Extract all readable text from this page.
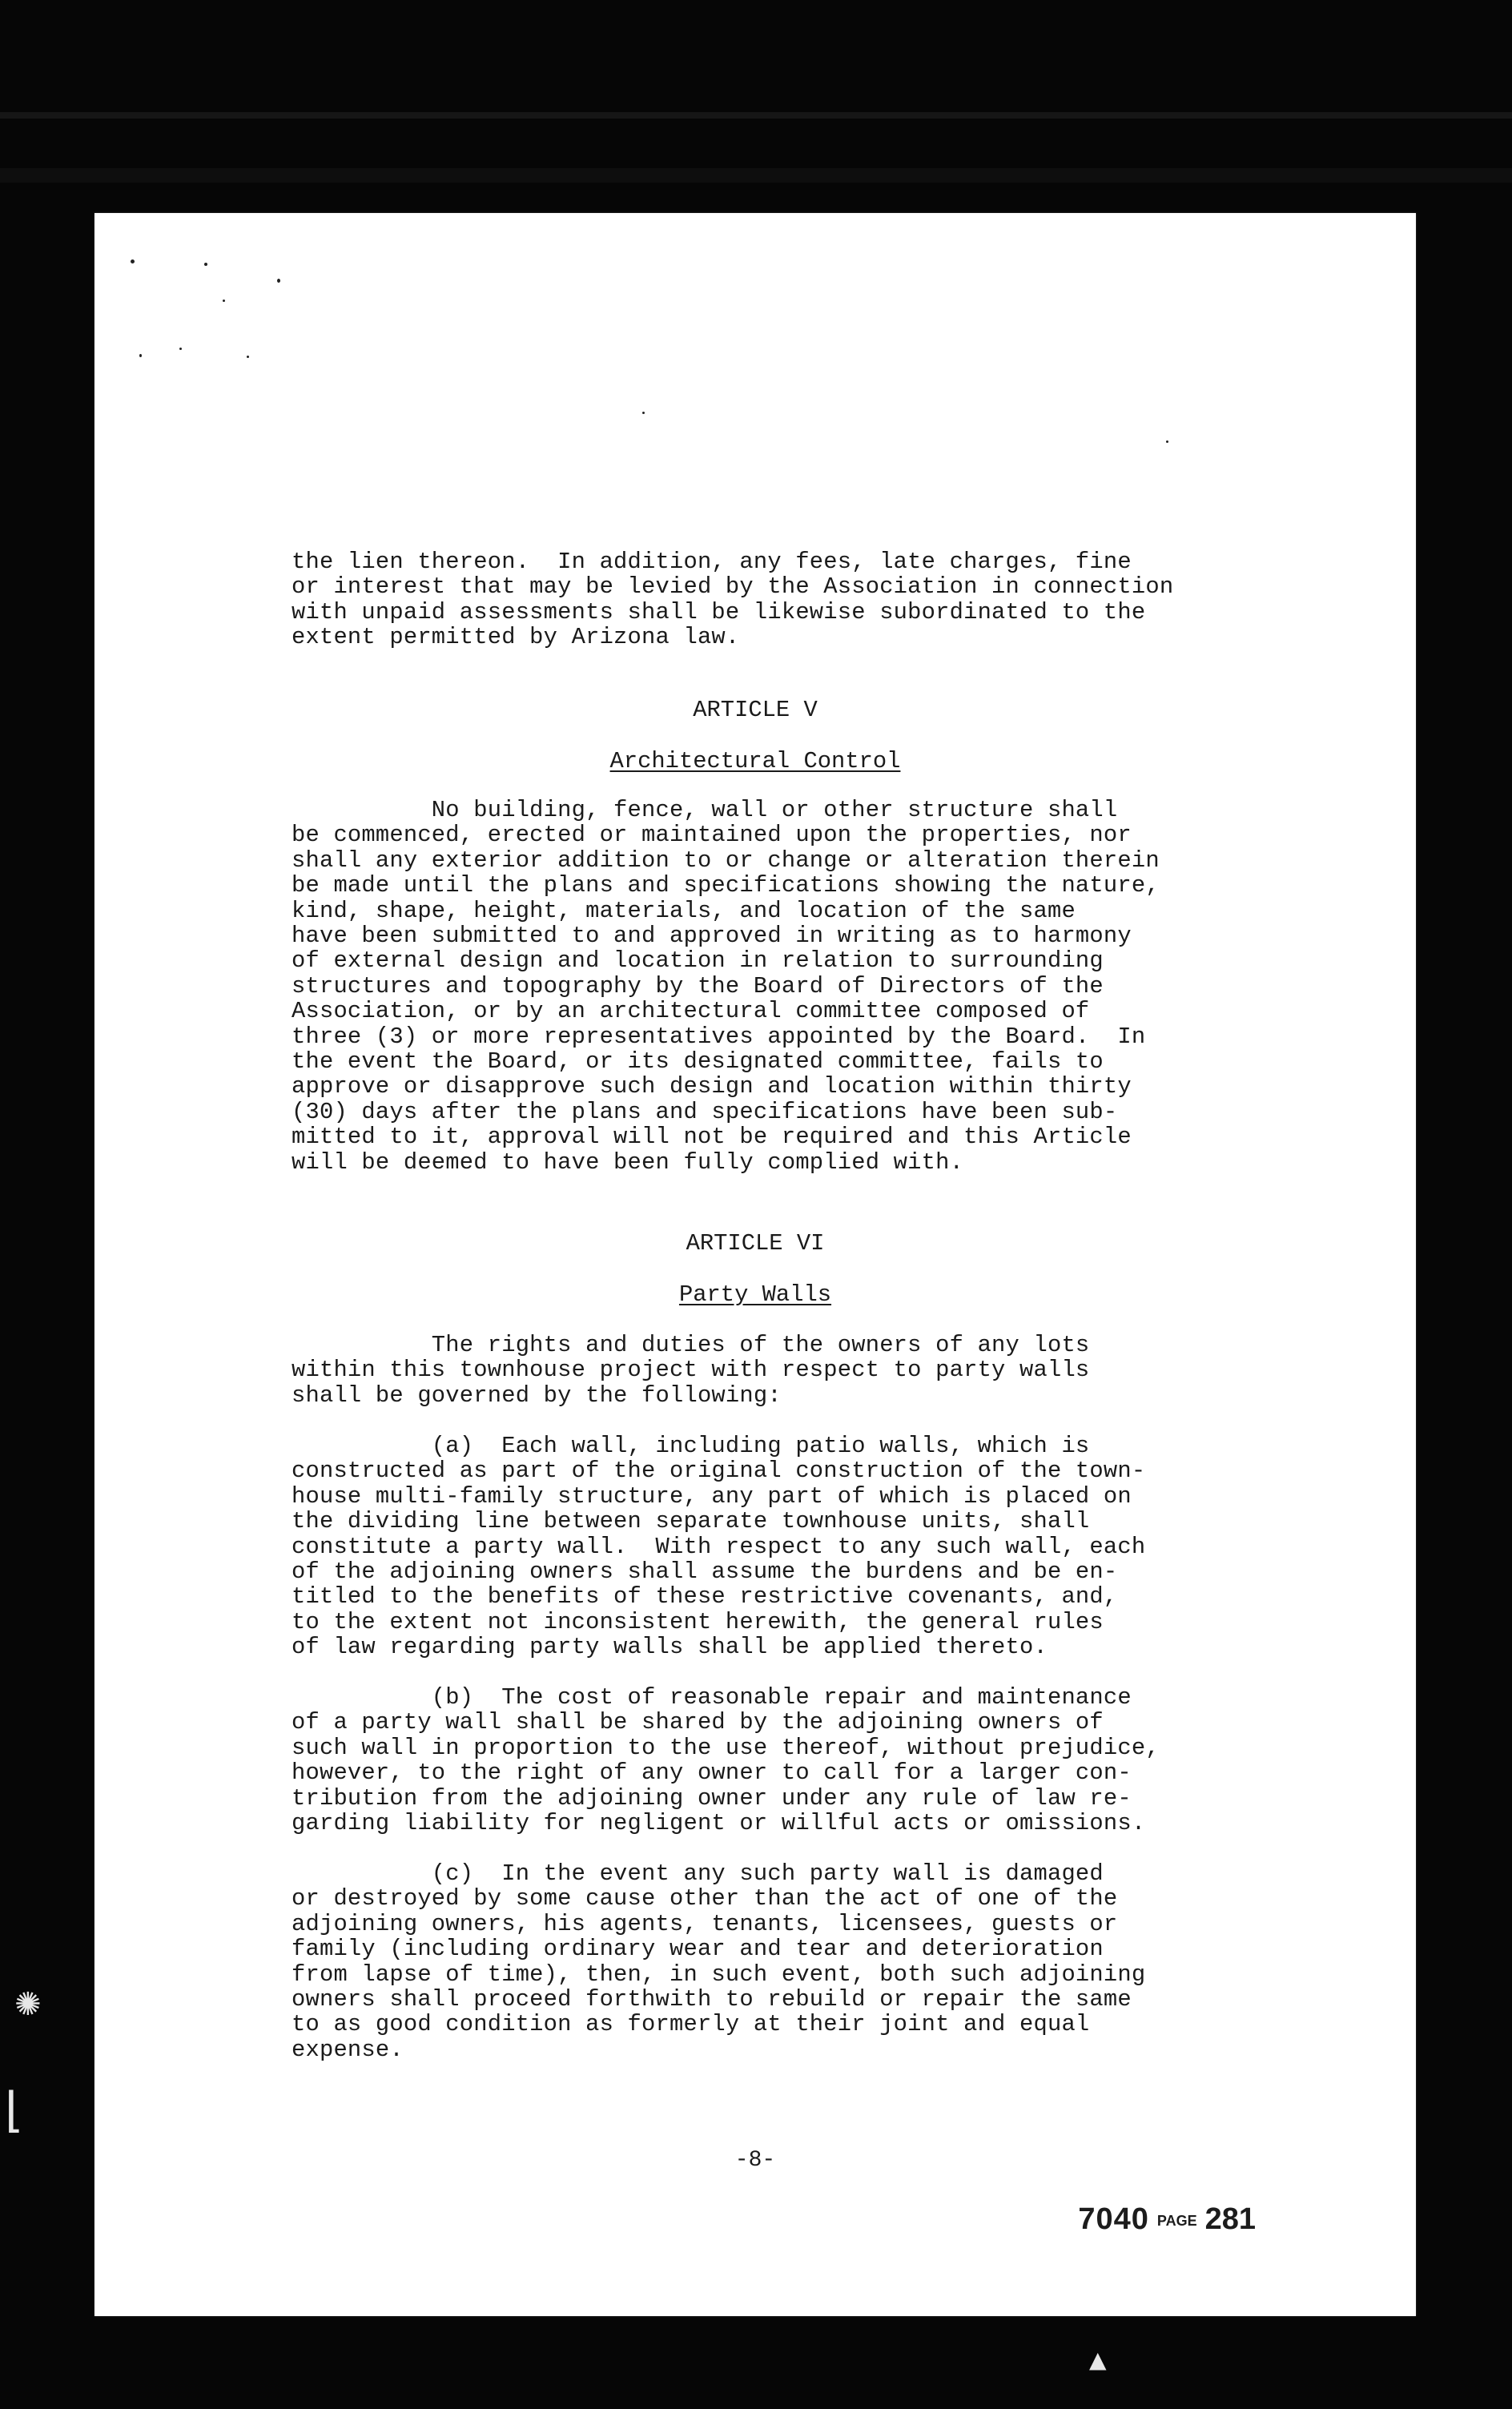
the lien thereon.  In addition, any fees, late charges, fine
or interest that may be levied by the Association in connection
with unpaid assessments shall be likewise subordinated to the
extent permitted by Arizona law.
ARTICLE V
Architectural Control
No building, fence, wall or other structure shall
be commenced, erected or maintained upon the properties, nor
shall any exterior addition to or change or alteration therein
be made until the plans and specifications showing the nature,
kind, shape, height, materials, and location of the same
have been submitted to and approved in writing as to harmony
of external design and location in relation to surrounding
structures and topography by the Board of Directors of the
Association, or by an architectural committee composed of
three (3) or more representatives appointed by the Board.  In
the event the Board, or its designated committee, fails to
approve or disapprove such design and location within thirty
(30) days after the plans and specifications have been sub-
mitted to it, approval will not be required and this Article
will be deemed to have been fully complied with.
ARTICLE VI
Party Walls
The rights and duties of the owners of any lots
within this townhouse project with respect to party walls
shall be governed by the following:
(a)  Each wall, including patio walls, which is
constructed as part of the original construction of the town-
house multi-family structure, any part of which is placed on
the dividing line between separate townhouse units, shall
constitute a party wall.  With respect to any such wall, each
of the adjoining owners shall assume the burdens and be en-
titled to the benefits of these restrictive covenants, and,
to the extent not inconsistent herewith, the general rules
of law regarding party walls shall be applied thereto.
(b)  The cost of reasonable repair and maintenance
of a party wall shall be shared by the adjoining owners of
such wall in proportion to the use thereof, without prejudice,
however, to the right of any owner to call for a larger con-
tribution from the adjoining owner under any rule of law re-
garding liability for negligent or willful acts or omissions.
(c)  In the event any such party wall is damaged
or destroyed by some cause other than the act of one of the
adjoining owners, his agents, tenants, licensees, guests or
family (including ordinary wear and tear and deterioration
from lapse of time), then, in such event, both such adjoining
owners shall proceed forthwith to rebuild or repair the same
to as good condition as formerly at their joint and equal
expense.
-8-
7040 PAGE 281
✺
⌊
▲
